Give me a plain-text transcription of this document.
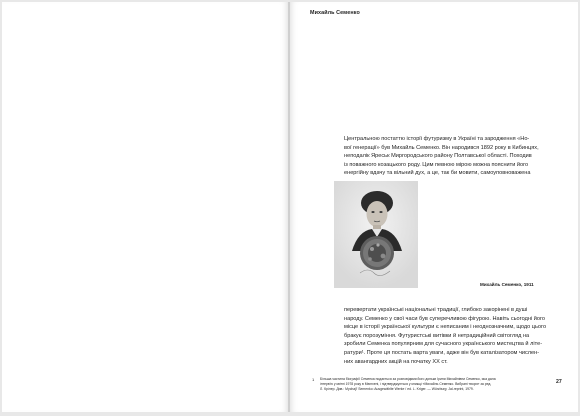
Михайль Семенко
Центральною постаттю історії футуризму в Україні та зародження «Но-
вої генерації» був Михайль Семенко. Він народився 1892 року в Кибинцях,
неподалік Яреськ Миргородського району Полтавської області. Походив
із поважного козацького роду. Цим певною мірою можна пояснити його
енергійну вдачу та вільний дух, а це, так би мовити, самоуповноважена
Михайль Семенко, 1911
перевертати українські національні традиції, глибоко закорінені в душі
народу. Семенко у свої часи був суперечливою фігурою. Навіть сьогодні його
місце в історії української культури є неписаним і неоднозначним, щодо цього
бракує порозуміння. Футуристські витівки й нетрадиційний світогляд на
зробили Семенка популярним для сучасного українського мистецтва й літе-
ратури¹. Проте ця постать варта уваги, адже він був каталізатором числен-
них авангардних акцій на початку XX ст.
1 Більша частина біографії Семенка подається за розповідями його доньки Ірини Михайлівни Семенко, яка дала
інтерв'ю у квітні 1978 року в Мюнхені, і підтверджується у книжці «Михайль Семенко. Вибрані твори» за ред.
Л. Крілер. Див.: Mychajl' Semenko: Ausgewählte Werke / ed. L. Kriger. — Würzburg: Jal-reprint, 1979.
27
